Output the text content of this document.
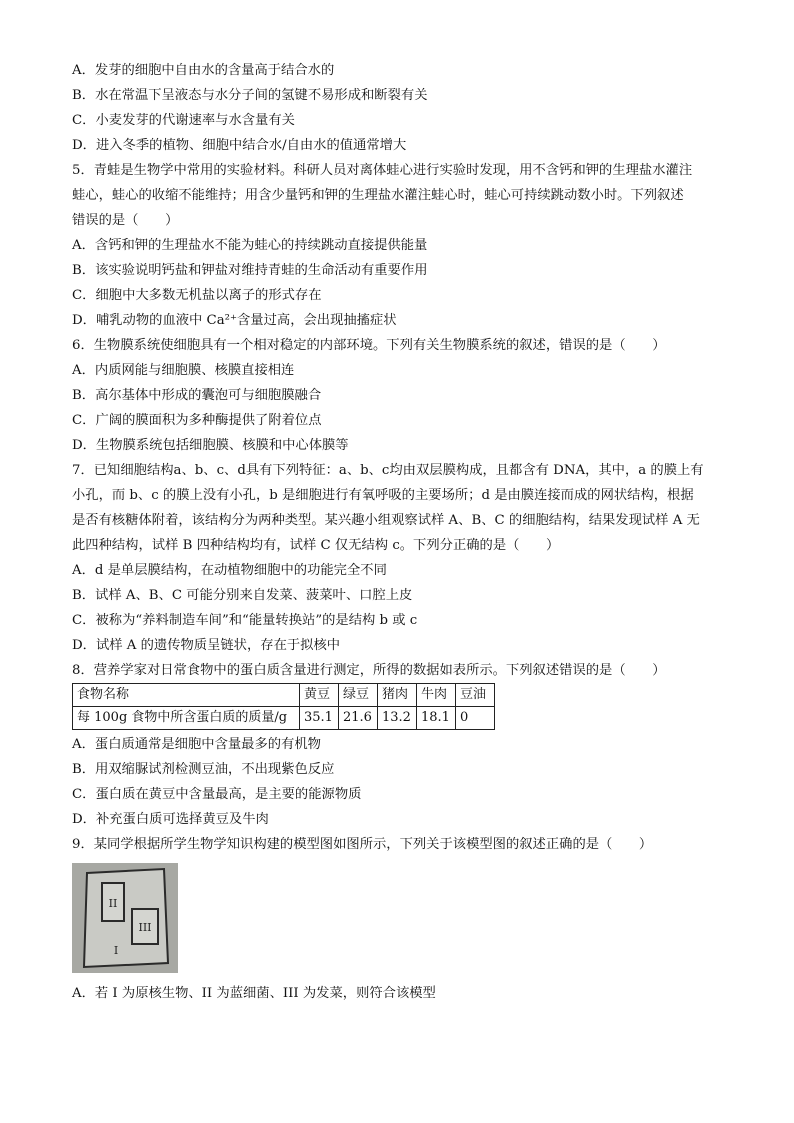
A．发芽的细胞中自由水的含量高于结合水的
B．水在常温下呈液态与水分子间的氢键不易形成和断裂有关
C．小麦发芽的代谢速率与水含量有关
D．进入冬季的植物、细胞中结合水/自由水的值通常增大
5．青蛙是生物学中常用的实验材料。科研人员对离体蛙心进行实验时发现，用不含钙和钾的生理盐水灌注
蛙心，蛙心的收缩不能维持；用含少量钙和钾的生理盐水灌注蛙心时，蛙心可持续跳动数小时。下列叙述
错误的是（　　）
A．含钙和钾的生理盐水不能为蛙心的持续跳动直接提供能量
B．该实验说明钙盐和钾盐对维持青蛙的生命活动有重要作用
C．细胞中大多数无机盐以离子的形式存在
D．哺乳动物的血液中 Ca²⁺含量过高，会出现抽搐症状
6．生物膜系统使细胞具有一个相对稳定的内部环境。下列有关生物膜系统的叙述，错误的是（　　）
A．内质网能与细胞膜、核膜直接相连
B．高尔基体中形成的囊泡可与细胞膜融合
C．广阔的膜面积为多种酶提供了附着位点
D．生物膜系统包括细胞膜、核膜和中心体膜等
7．已知细胞结构a、b、c、d具有下列特征：a、b、c均由双层膜构成，且都含有 DNA，其中，a 的膜上有
小孔，而 b、c 的膜上没有小孔，b 是细胞进行有氧呼吸的主要场所；d 是由膜连接而成的网状结构，根据
是否有核糖体附着，该结构分为两种类型。某兴趣小组观察试样 A、B、C 的细胞结构，结果发现试样 A 无
此四种结构，试样 B 四种结构均有，试样 C 仅无结构 c。下列分正确的是（　　）
A．d 是单层膜结构，在动植物细胞中的功能完全不同
B．试样 A、B、C 可能分别来自发菜、菠菜叶、口腔上皮
C．被称为“养料制造车间”和“能量转换站”的是结构 b 或 c
D．试样 A 的遗传物质呈链状，存在于拟核中
8．营养学家对日常食物中的蛋白质含量进行测定，所得的数据如表所示。下列叙述错误的是（　　）
食物名称	黄豆	绿豆	猪肉	牛肉	豆油
每 100g 食物中所含蛋白质的质量/g	35.1	21.6	13.2	18.1	0
A．蛋白质通常是细胞中含量最多的有机物
B．用双缩脲试剂检测豆油，不出现紫色反应
C．蛋白质在黄豆中含量最高，是主要的能源物质
D．补充蛋白质可选择黄豆及牛肉
9．某同学根据所学生物学知识构建的模型图如图所示，下列关于该模型图的叙述正确的是（　　）
II
III
I
A．若 I 为原核生物、II 为蓝细菌、III 为发菜，则符合该模型
